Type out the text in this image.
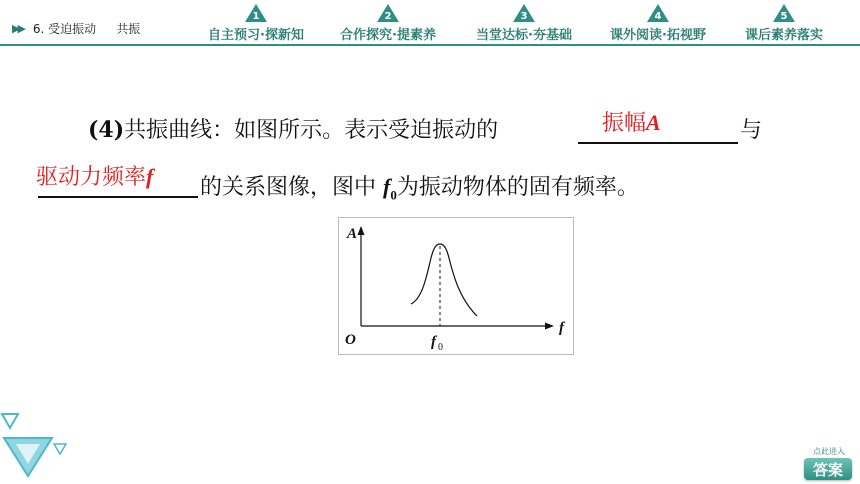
▶▶ 6. 受迫振动 共振
1
自主预习·探新知
2
合作探究·提素养
3
当堂达标·夯基础
4
课外阅读·拓视野
5
课后素养落实
(4)共振曲线：如图所示。表示受迫振动的	振幅A	与
驱动力频率f 的关系图像，图中 $f_0$为振动物体的固有频率。
A
f
O	f 0
点此进入
答案
